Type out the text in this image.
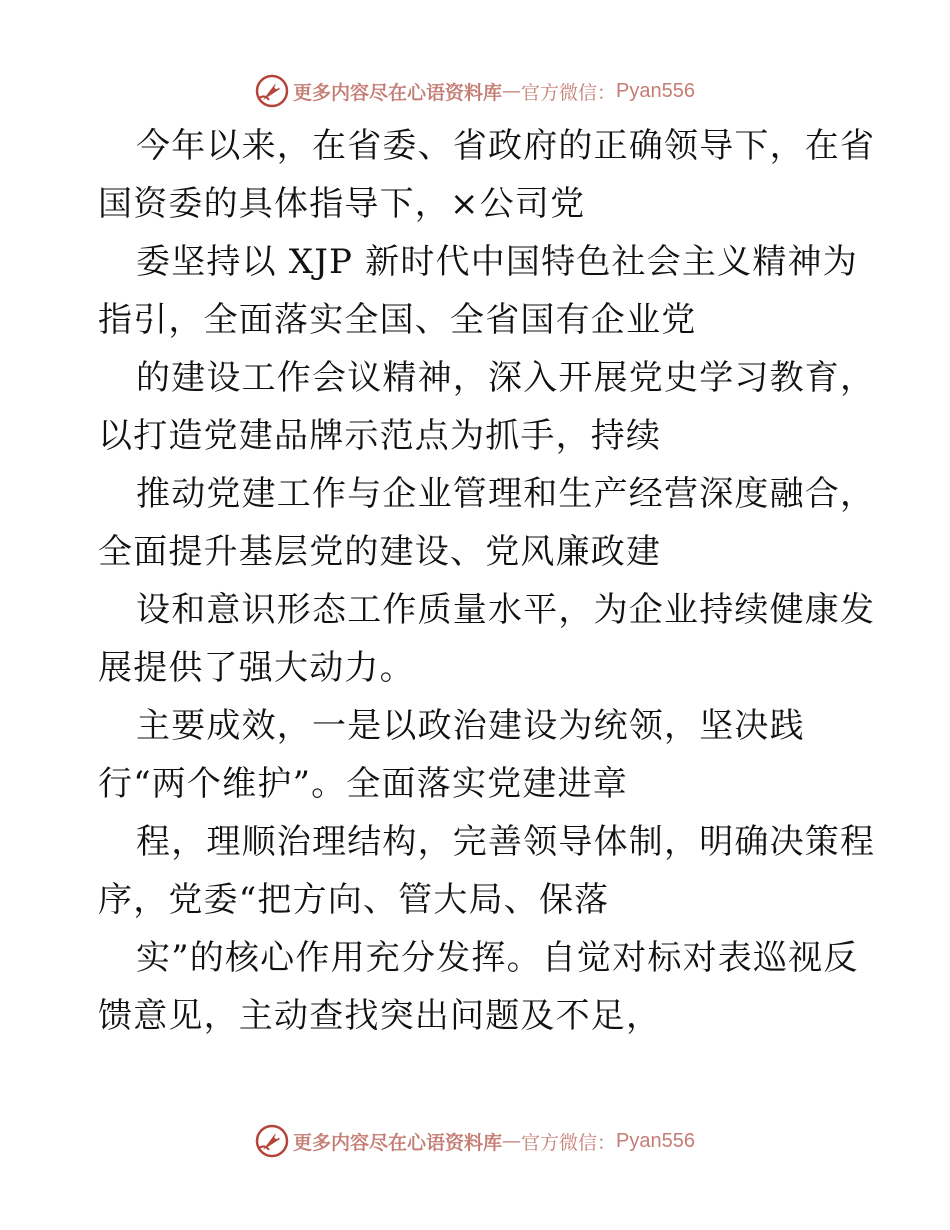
更多内容尽在心语资料库 — 官方微信： Pyan556
今年以来，在省委、省政府的正确领导下，在省
国资委的具体指导下，×公司党
委坚持以 XJP 新时代中国特色社会主义精神为
指引，全面落实全国、全省国有企业党
的建设工作会议精神，深入开展党史学习教育，
以打造党建品牌示范点为抓手，持续
推动党建工作与企业管理和生产经营深度融合，
全面提升基层党的建设、党风廉政建
设和意识形态工作质量水平，为企业持续健康发
展提供了强大动力。
主要成效，一是以政治建设为统领，坚决践
行“两个维护”。全面落实党建进章
程，理顺治理结构，完善领导体制，明确决策程
序，党委“把方向、管大局、保落
实”的核心作用充分发挥。自觉对标对表巡视反
馈意见，主动查找突出问题及不足，
更多内容尽在心语资料库 — 官方微信： Pyan556
